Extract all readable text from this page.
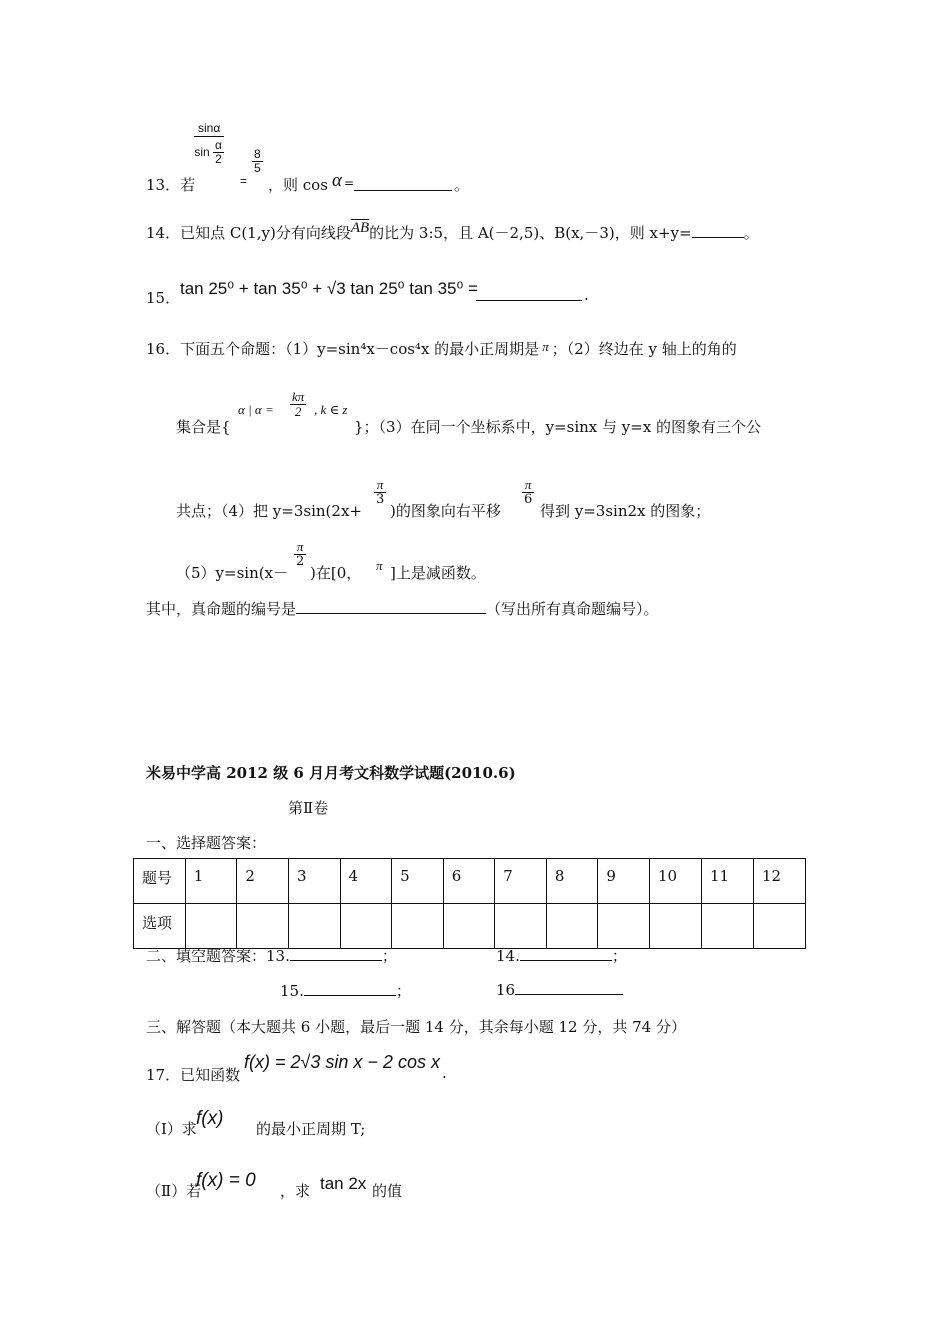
13．若
$\frac{\sin\alpha}{\sin \frac{\alpha}{2}}$
=
$\frac{8}{5}$
，则 cos α =	。
14．已知点 C(1,y)分有向线段$\overline{AB}$的比为 3:5，且 A(－2,5)、B(x,－3)，则 x+y=	。
15． tan 25⁰ + tan 35⁰ + √3 tan 25⁰ tan 35⁰ =	.
16．下面五个命题：（1）y=sin⁴x－cos⁴x 的最小正周期是 π ；（2）终边在 y 轴上的角的
集合是{
α | $\alpha = \frac{k\pi}{2}$ , k ∈ z
}；（3）在同一个坐标系中，y=sinx 与 y=x 的图象有三个公
共点；（4）把 y=3sin(2x+
$\frac{\pi}{3}$
)的图象向右平移
$\frac{\pi}{6}$
得到 y=3sin2x 的图象；
（5）y=sin(x－
$\frac{\pi}{2}$
)在[0， π ]上是减函数。
其中，真命题的编号是	（写出所有真命题编号）。
米易中学高 2012 级 6 月月考文科数学试题(2010.6)
第Ⅱ卷
一、选择题答案：
题号	1	2	3	4	5	6	7	8	9	10	11	12
选项												
二、填空题答案：13.	；	14.	；
15.	；	16
三、解答题（本大题共 6 小题，最后一题 14 分，其余每小题 12 分，共 74 分）
17．已知函数
f(x) = 2√3 sin x − 2 cos x
.
（Ⅰ）求 f(x) 的最小正周期 T;
（Ⅱ）若
f(x) = 0 ，求 tan 2x 的值
